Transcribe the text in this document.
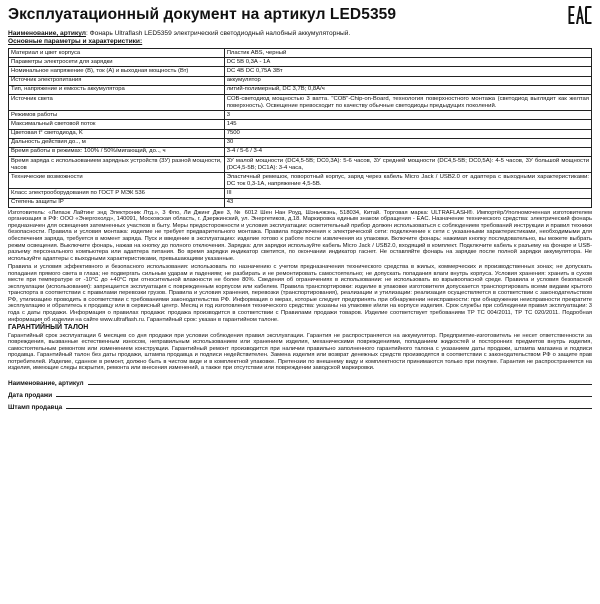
Эксплуатационный документ на артикул LED5359
Наименование, артикул: Фонарь Ultraflash LED5359 электрический светодиодный налобный аккумуляторный.
Основные параметры и характеристики:
Материал и цвет корпуса	Пластик ABS, черный
Параметры электросети для зарядки	DC 5В 0,3А - 1А
Номинальное напряжение (В), ток (А) и выходная мощность (Вт)	DC 4В DC 0,75А 3Вт
Источник электропитания	аккумулятор
Тип, напряжение и емкость аккумулятора	литий-полимерный, DC 3,7В; 0,8А/ч
Источник света	COB-светодиод мощностью 3 ватта. "COB"-Chip-on-Board, технология поверхностного монтажа (светодиод выглядит как желтая поверхность). Освещение превосходит по качеству обычные светодиоды предыдущих поколений.
Режимов работы	3
Максимальный световой поток	145
Цветовая t° светодиода, K	7500
Дальность действия до.., м	30
Время работы в режимах: 100% / 50%/мигающий, до.., ч	3-4 / 5-6 / 3-4
Время заряда с использованием зарядных устройств (3У) разной мощности, часов	3У малой мощности (DC4,5-5В; DC0,3А): 5-6 часов, 3У средней мощности (DC4,5-5В; DC0,5А): 4-5 часов, 3У большой мощности (DC4,5-5В; DC1А): 3-4 часа,
Технические возможности	Эластичный ремешок, поворотный корпус, заряд через кабель Micro Jack / USB2.0 от адаптера с выходными характеристиками: DC ток 0,3-1А, напряжение 4,5-5В.
Класс электрооборудования по ГОСТ Р МЭК 536	III
Степень защиты IP	43
Изготовитель: «Липаэк Лайтинг энд Электроник Лтд.», 3 Фло, Ли Джинг Дже 3, № 6012 Шен Нан Роуд, Шэньчжэнь, 518034, Китай. Торговая марка: ULTRAFLASH®. Импортёр/Уполномоченная изготовителем организация в РФ: ООО «Энергохолд», 140091, Московская область, г. Дзержинский, ул. Энергетиков, д.18. Маркировка единым знаком обращения - EAC. Назначение технического средства: электрический фонарь предназначен для освещения затемненных участков в быту. Меры предосторожности и условия эксплуатации: осветительный прибор должен использоваться с соблюдением требований инструкции и правил техники безопасности. Правила и условия монтажа: изделие не требует предварительного монтажа. Правила подключения к электрической сети: подключение к сети с указанными характеристиками, необходимыми для обеспечения заряда, требуется в момент заряда. Пуск и введение в эксплуатацию: изделие готово к работе после извлечения из упаковки. Включите фонарь: нажимая кнопку последовательно, вы можете выбрать режим освещения. Выключите фонарь, нажав на кнопку до полного отключения. Зарядка: для зарядки используйте кабель Micro Jack / USB2.0, входящий в комплект. Подключите кабель к разъему на фонаре и USB-разъему персонального компьютера или адаптера питания. Во время зарядки индикатор светится, по окончании индикатор гаснет. Не оставляйте фонарь на зарядке после полной зарядки аккумулятора. Не используйте адаптеры с выходными характеристиками, превышающими указанные.
Правила и условия эффективного и безопасного использования: использовать по назначению с учетом предназначения технического средства в жилых, коммерческих и производственных зонах; не допускать попадания прямого света в глаза; не подвергать сильным ударам и падениям; не разбирать и не ремонтировать самостоятельно; не допускать попадания влаги внутрь корпуса. Условия хранения: хранить в сухом месте при температуре от -10°С до +40°С при относительной влажности не более 80%. Сведения об ограничениях в использовании: не использовать во взрывоопасной среде. Правила и условия безопасной эксплуатации (использования): запрещается эксплуатация с поврежденным корпусом или кабелем. Правила транспортировки: изделие в упаковке изготовителя допускается транспортировать всеми видами крытого транспорта в соответствии с правилами перевозки грузов. Правила и условия хранения, перевозки (транспортирования), реализации и утилизации: реализация осуществляется в соответствии с законодательством РФ, утилизацию проводить в соответствии с требованиями законодательства РФ. Информация о мерах, которые следует предпринять при обнаружении неисправности: при обнаружении неисправности прекратите эксплуатацию и обратитесь к продавцу или в сервисный центр. Месяц и год изготовления технического средства: указаны на упаковке и/или на корпусе изделия. Срок службы при соблюдении правил эксплуатации: 3 года с даты продажи. Информация о правилах продажи: продажа производится в соответствии с Правилами продажи товаров. Изделие соответствует требованиям ТР ТС 004/2011, ТР ТС 020/2011. Подробная информация об изделии на сайте www.ultraflash.ru. Гарантийный срок: указан в гарантийном талоне.
ГАРАНТИЙНЫЙ ТАЛОН
Гарантийный срок эксплуатации 6 месяцев со дня продажи при условии соблюдения правил эксплуатации. Гарантия не распространяется на аккумулятор. Предприятие-изготовитель не несет ответственности за повреждения, вызванные естественным износом, неправильным использованием или хранением изделия, механическими повреждениями, попаданием жидкостей и посторонних предметов внутрь изделия, самостоятельным ремонтом или изменением конструкции. Гарантийный ремонт производится при наличии правильно заполненного гарантийного талона с указанием даты продажи, штампа магазина и подписи продавца. Гарантийный талон без даты продажи, штампа продавца и подписи недействителен. Замена изделия или возврат денежных средств производятся в соответствии с законодательством РФ о защите прав потребителей. Изделие, сданное в ремонт, должно быть в чистом виде и в комплектной упаковке. Претензии по внешнему виду и комплектности принимаются только при покупке. Гарантия не распространяется на изделия, имеющие следы вскрытия, ремонта или внесения изменений, а также при отсутствии или повреждении заводской маркировки.
Наименование, артикул
Дата продажи
Штамп продавца
